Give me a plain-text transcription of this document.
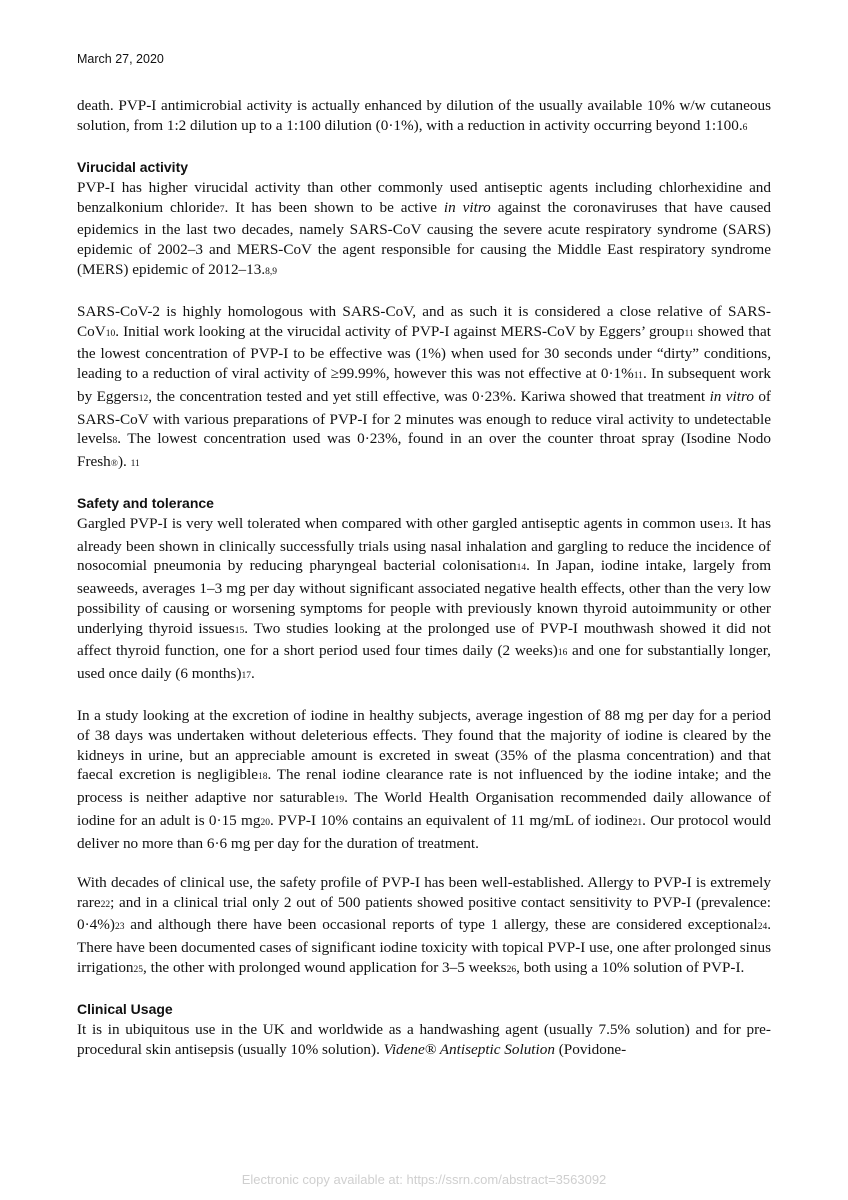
March 27, 2020

death. PVP-I antimicrobial activity is actually enhanced by dilution of the usually available 10% w/w cutaneous solution, from 1:2 dilution up to a 1:100 dilution (0·1%), with a reduction in activity occurring beyond 1:100.6

Virucidal activity

PVP-I has higher virucidal activity than other commonly used antiseptic agents including chlorhexidine and benzalkonium chloride7. It has been shown to be active in vitro against the coronaviruses that have caused epidemics in the last two decades, namely SARS-CoV causing the severe acute respiratory syndrome (SARS) epidemic of 2002–3 and MERS-CoV the agent responsible for causing the Middle East respiratory syndrome (MERS) epidemic of 2012–13.8,9

SARS-CoV-2 is highly homologous with SARS-CoV, and as such it is considered a close relative of SARS-CoV10. Initial work looking at the virucidal activity of PVP-I against MERS-CoV by Eggers’ group11 showed that the lowest concentration of PVP-I to be effective was (1%) when used for 30 seconds under “dirty” conditions, leading to a reduction of viral activity of ≥99.99%, however this was not effective at 0·1%11. In subsequent work by Eggers12, the concentration tested and yet still effective, was 0·23%. Kariwa showed that treatment in vitro of SARS-CoV with various preparations of PVP-I for 2 minutes was enough to reduce viral activity to undetectable levels8. The lowest concentration used was 0·23%, found in an over the counter throat spray (Isodine Nodo Fresh®). 11

Safety and tolerance

Gargled PVP-I is very well tolerated when compared with other gargled antiseptic agents in common use13. It has already been shown in clinically successfully trials using nasal inhalation and gargling to reduce the incidence of nosocomial pneumonia by reducing pharyngeal bacterial colonisation14. In Japan, iodine intake, largely from seaweeds, averages 1–3 mg per day without significant associated negative health effects, other than the very low possibility of causing or worsening symptoms for people with previously known thyroid autoimmunity or other underlying thyroid issues15. Two studies looking at the prolonged use of PVP-I mouthwash showed it did not affect thyroid function, one for a short period used four times daily (2 weeks)16 and one for substantially longer, used once daily (6 months)17.

In a study looking at the excretion of iodine in healthy subjects, average ingestion of 88 mg per day for a period of 38 days was undertaken without deleterious effects. They found that the majority of iodine is cleared by the kidneys in urine, but an appreciable amount is excreted in sweat (35% of the plasma concentration) and that faecal excretion is negligible18. The renal iodine clearance rate is not influenced by the iodine intake; and the process is neither adaptive nor saturable19. The World Health Organisation recommended daily allowance of iodine for an adult is 0·15 mg20. PVP-I 10% contains an equivalent of 11 mg/mL of iodine21. Our protocol would deliver no more than 6·6 mg per day for the duration of treatment.

With decades of clinical use, the safety profile of PVP-I has been well-established. Allergy to PVP-I is extremely rare22; and in a clinical trial only 2 out of 500 patients showed positive contact sensitivity to PVP-I (prevalence: 0·4%)23 and although there have been occasional reports of type 1 allergy, these are considered exceptional24. There have been documented cases of significant iodine toxicity with topical PVP-I use, one after prolonged sinus irrigation25, the other with prolonged wound application for 3–5 weeks26, both using a 10% solution of PVP-I.

Clinical Usage

It is in ubiquitous use in the UK and worldwide as a handwashing agent (usually 7.5% solution) and for pre-procedural skin antisepsis (usually 10% solution). Videne® Antiseptic Solution (Povidone-

Electronic copy available at: https://ssrn.com/abstract=3563092
